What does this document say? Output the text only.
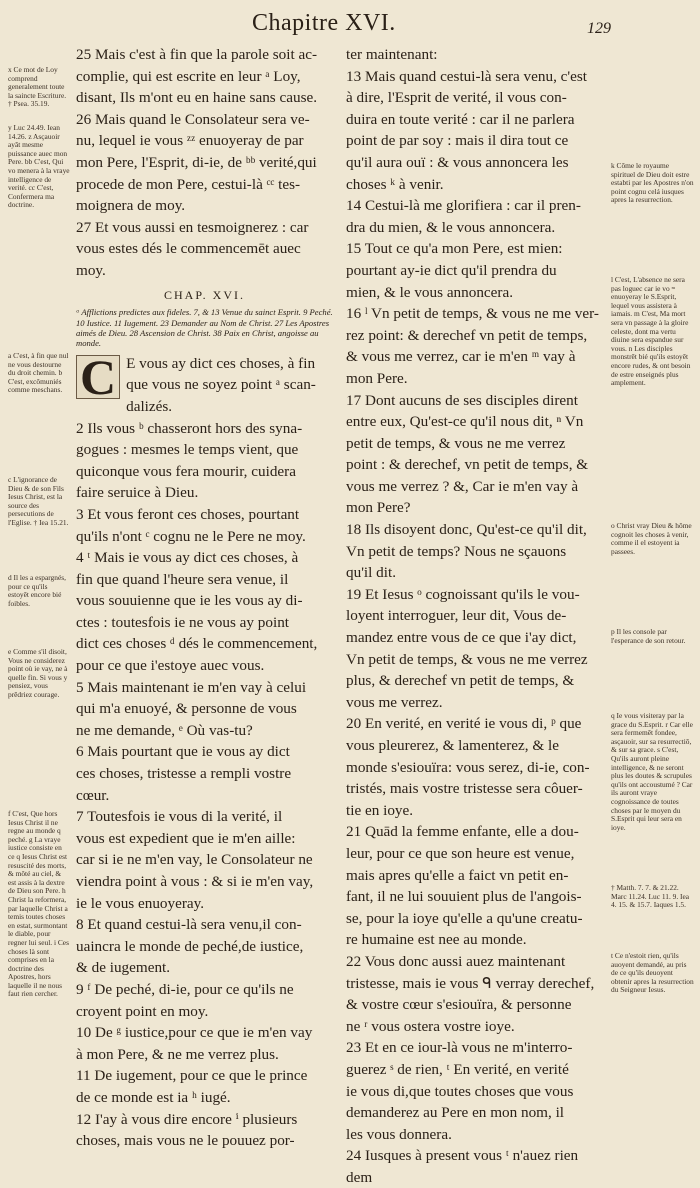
Chapitre XVI.	129
x Ce mot de Loy comprend generalement toute la saincte Escriture. † Psea. 35.19.
y Luc 24.49. Iean 14.26. z Asçauoir ayāt mesme puissance auec mon Pere. bb C'est, Qui vo menera à la vraye intelligence de verité. cc C'est, Confermera ma doctrine.
a C'est, à fin que nul ne vous destourne du droit chemin. b C'est, excõmuniés comme meschans.
c L'ignorance de Dieu & de son Fils Iesus Christ, est la source des persecutions de l'Eglise. † Iea 15.21.
d Il les a espargnés, pour ce qu'ils estoyēt encore bié foibles.
e Comme s'il disoit, Vous ne considerez point où ie vay, ne à quelle fin. Si vous y pensiez, vous prēdriez courage.
f C'est, Que hors Iesus Christ il ne regne au monde q peché. g La vraye iustice consiste en ce q Iesus Christ est resuscité des morts, & môté au ciel, & est assis à la dextre de Dieu son Pere. h Christ la reformera, par laquelle Christ a temis toutes choses en estat, surmontant le diable, pour regner lui seul. i Ces choses là sont comprises en la doctrine des Apostres, hors laquelle il ne nous faut rien cercher.
25 Mais c'est à fin que la parole soit ac-
complie, qui est escrite en leur ᵃ Loy,
disant, Ils m'ont eu en haine sans cause.
26 Mais quand le Consolateur sera ve-
nu, lequel ie vous ᶻᶻ enuoyeray de par
mon Pere, l'Esprit, di-ie, de ᵇᵇ verité,qui
procede de mon Pere, cestui-là ᶜᶜ tes-
moignera de moy.
27 Et vous aussi en tesmoignerez : car
vous estes dés le commencemēt auec
moy.
CHAP. XVI.
ᵃ Afflictions predictes aux fideles. 7, & 13 Venue du sainct Esprit. 9 Peché. 10 Iustice. 11 Iugement. 23 Demander au Nom de Christ. 27 Les Apostres aimés de Dieu. 28 Ascension de Christ. 38 Paix en Christ, angoisse au monde.
C E vous ay dict ces choses, à fin
que vous ne soyez point ᵃ scan-
dalizés.
2 Ils vous ᵇ chasseront hors des syna-
gogues : mesmes le temps vient, que
quiconque vous fera mourir, cuidera
faire seruice à Dieu.
3 Et vous feront ces choses, pourtant
qu'ils n'ont ᶜ cognu ne le Pere ne moy.
4 ᵗ Mais ie vous ay dict ces choses, à
fin que quand l'heure sera venue, il
vous souuienne que ie les vous ay di-
ctes : toutesfois ie ne vous ay point
dict ces choses ᵈ dés le commencement,
pour ce que i'estoye auec vous.
5 Mais maintenant ie m'en vay à celui
qui m'a enuoyé, & personne de vous
ne me demande, ᵉ Où vas-tu?
6 Mais pourtant que ie vous ay dict
ces choses, tristesse a rempli vostre
cœur.
7 Toutesfois ie vous di la verité, il
vous est expedient que ie m'en aille:
car si ie ne m'en vay, le Consolateur ne
viendra point à vous : & si ie m'en vay,
ie le vous enuoyeray.
8 Et quand cestui-là sera venu,il con-
uaincra le monde de peché,de iustice,
& de iugement.
9 ᶠ De peché, di-ie, pour ce qu'ils ne
croyent point en moy.
10 De ᵍ iustice,pour ce que ie m'en vay
à mon Pere, & ne me verrez plus.
11 De iugement, pour ce que le prince
de ce monde est ia ʰ iugé.
12 I'ay à vous dire encore ⁱ plusieurs
choses, mais vous ne le pouuez por-
ter maintenant:
13 Mais quand cestui-là sera venu, c'est
à dire, l'Esprit de verité, il vous con-
duira en toute verité : car il ne parlera
point de par soy : mais il dira tout ce
qu'il aura ouï : & vous annoncera les
choses ᵏ à venir.
14 Cestui-là me glorifiera : car il pren-
dra du mien, & le vous annoncera.
15 Tout ce qu'a mon Pere, est mien:
pourtant ay-ie dict qu'il prendra du
mien, & le vous annoncera.
16 ˡ Vn petit de temps, & vous ne me ver-
rez point: & derechef vn petit de temps,
& vous me verrez, car ie m'en ᵐ vay à
mon Pere.
17 Dont aucuns de ses disciples dirent
entre eux, Qu'est-ce qu'il nous dit, ⁿ Vn
petit de temps, & vous ne me verrez
point : & derechef, vn petit de temps, &
vous me verrez ? &, Car ie m'en vay à
mon Pere?
18 Ils disoyent donc, Qu'est-ce qu'il dit,
Vn petit de temps? Nous ne sçauons
qu'il dit.
19 Et Iesus ᵒ cognoissant qu'ils le vou-
loyent interroguer, leur dit, Vous de-
mandez entre vous de ce que i'ay dict,
Vn petit de temps, & vous ne me verrez
plus, & derechef vn petit de temps, &
vous me verrez.
20 En verité, en verité ie vous di, ᵖ que
vous pleurerez, & lamenterez, & le
monde s'esiouïra: vous serez, di-ie, con-
tristés, mais vostre tristesse sera côuer-
tie en ioye.
21 Quād la femme enfante, elle a dou-
leur, pour ce que son heure est venue,
mais apres qu'elle a faict vn petit en-
fant, il ne lui souuient plus de l'angois-
se, pour la ioye qu'elle a qu'une creatu-
re humaine est nee au monde.
22 Vous donc aussi auez maintenant
tristesse, mais ie vous ᑫ verray derechef,
& vostre cœur s'esiouïra, & personne
ne ʳ vous ostera vostre ioye.
23 Et en ce iour-là vous ne m'interro-
guerez ˢ de rien, ᵗ En verité, en verité
ie vous di,que toutes choses que vous
demanderez au Pere en mon nom, il
les vous donnera.
24 Iusques à present vous ᵗ n'auez rien
dem
k Cōme le royaume spirituel de Dieu doit estre estabti par les Apostres n'on point cognu celá iusques apres la resurrection.
l C'est, L'absence ne sera pas loguec car ie vo ᵐ enuoyeray le S.Esprit, lequel vous assistera à iamais. m C'est, Ma mort sera vn passage à la gloire celeste, dont ma vertu diuine sera espandue sur vous. n Les disciples monstrēt bié qu'ils estoyēt encore rudes, & ont besoin de estre enseignés plus amplement.
o Christ vray Dieu & hôme cognoit les choses à venir, comme il el estoyent ia passees.
p Il les console par l'esperance de son retour.
q Ie vous visiteray par la grace du S.Esprit. r Car elle sera fermemēt fondee, asçauoir, sur sa resurrectiō, & sur sa grace. s C'est, Qu'ils auront pleine intelligence, & ne seront plus les doutes & scrupules qu'ils ont accoustumé ? Car ils auront vraye cognoissance de toutes choses par le moyen du S.Esprit qui leur sera en ioye.
† Matth. 7. 7. & 21.22. Marc 11.24. Luc 11. 9. Iea 4. 15. & 15.7. Iaques 1.5.
t Ce n'estoit rien, qu'ils auoyent demandé, au pris de ce qu'ils deuoyent obtenir apres la resurrection du Seigneur Iesus.
